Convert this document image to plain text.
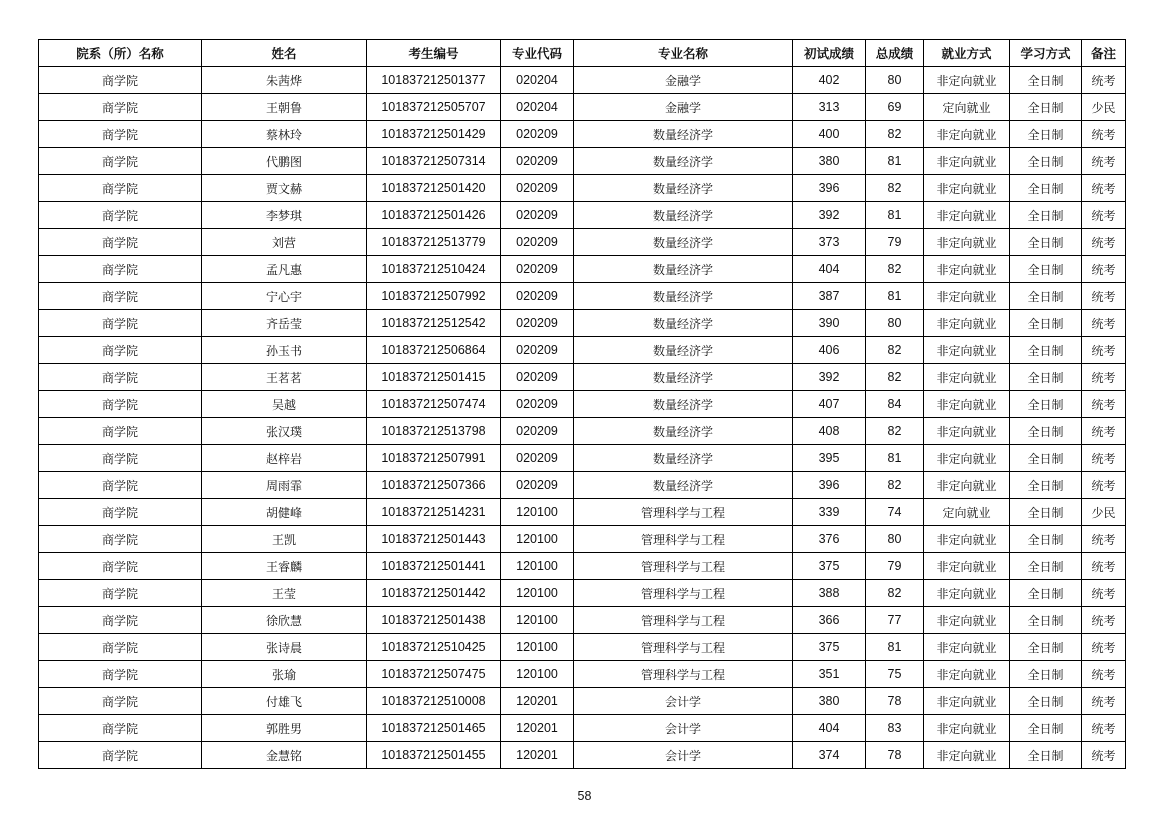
院系（所）名称	姓名	考生编号	专业代码	专业名称	初试成绩	总成绩	就业方式	学习方式	备注
商学院	朱茜烨	101837212501377	020204	金融学	402	80	非定向就业	全日制	统考
商学院	王朝鲁	101837212505707	020204	金融学	313	69	定向就业	全日制	少民
商学院	蔡林玲	101837212501429	020209	数量经济学	400	82	非定向就业	全日制	统考
商学院	代鹏图	101837212507314	020209	数量经济学	380	81	非定向就业	全日制	统考
商学院	贾文赫	101837212501420	020209	数量经济学	396	82	非定向就业	全日制	统考
商学院	李梦琪	101837212501426	020209	数量经济学	392	81	非定向就业	全日制	统考
商学院	刘营	101837212513779	020209	数量经济学	373	79	非定向就业	全日制	统考
商学院	孟凡惠	101837212510424	020209	数量经济学	404	82	非定向就业	全日制	统考
商学院	宁心宇	101837212507992	020209	数量经济学	387	81	非定向就业	全日制	统考
商学院	齐岳莹	101837212512542	020209	数量经济学	390	80	非定向就业	全日制	统考
商学院	孙玉书	101837212506864	020209	数量经济学	406	82	非定向就业	全日制	统考
商学院	王茗茗	101837212501415	020209	数量经济学	392	82	非定向就业	全日制	统考
商学院	吴越	101837212507474	020209	数量经济学	407	84	非定向就业	全日制	统考
商学院	张汉璞	101837212513798	020209	数量经济学	408	82	非定向就业	全日制	统考
商学院	赵梓岩	101837212507991	020209	数量经济学	395	81	非定向就业	全日制	统考
商学院	周雨霏	101837212507366	020209	数量经济学	396	82	非定向就业	全日制	统考
商学院	胡健峰	101837212514231	120100	管理科学与工程	339	74	定向就业	全日制	少民
商学院	王凯	101837212501443	120100	管理科学与工程	376	80	非定向就业	全日制	统考
商学院	王睿麟	101837212501441	120100	管理科学与工程	375	79	非定向就业	全日制	统考
商学院	王莹	101837212501442	120100	管理科学与工程	388	82	非定向就业	全日制	统考
商学院	徐欣慧	101837212501438	120100	管理科学与工程	366	77	非定向就业	全日制	统考
商学院	张诗晨	101837212510425	120100	管理科学与工程	375	81	非定向就业	全日制	统考
商学院	张瑜	101837212507475	120100	管理科学与工程	351	75	非定向就业	全日制	统考
商学院	付雄飞	101837212510008	120201	会计学	380	78	非定向就业	全日制	统考
商学院	郭胜男	101837212501465	120201	会计学	404	83	非定向就业	全日制	统考
商学院	金慧铭	101837212501455	120201	会计学	374	78	非定向就业	全日制	统考
58
